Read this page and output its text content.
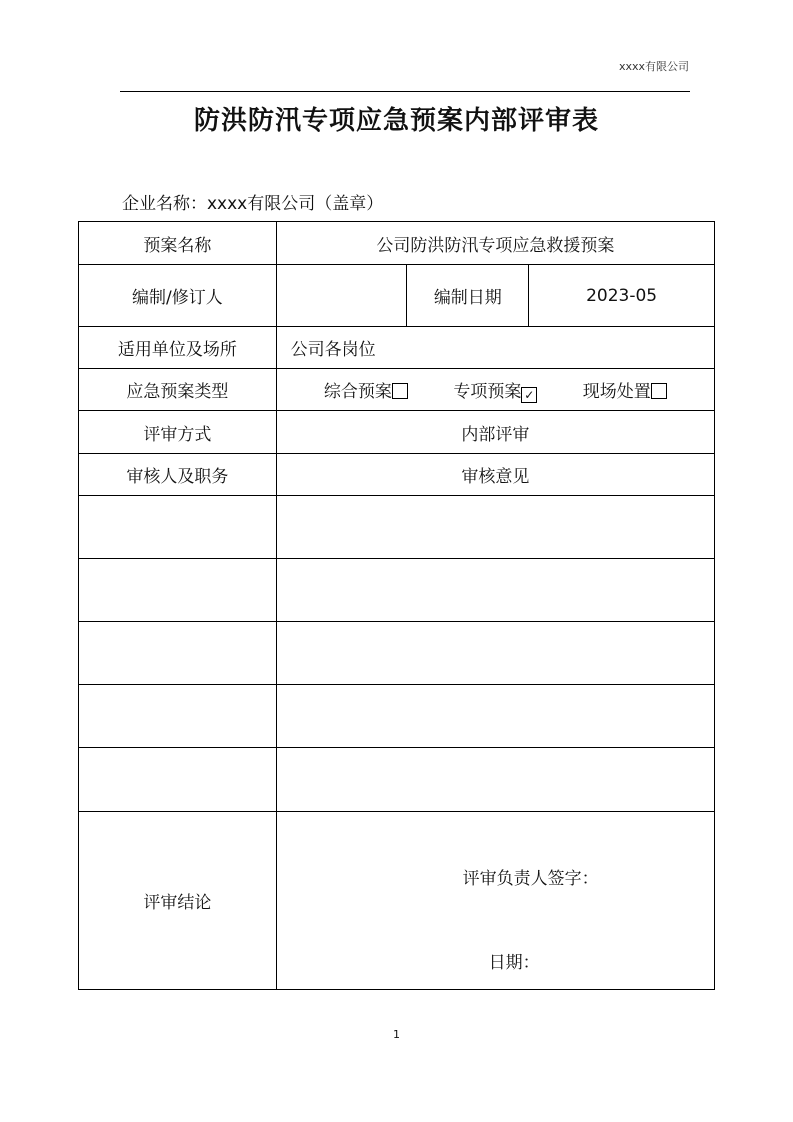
xxxx有限公司
防洪防汛专项应急预案内部评审表
企业名称：xxxx有限公司（盖章）
预案名称	公司防洪防汛专项应急救援预案		
编制/修订人		编制日期	2023-05
适用单位及场所	公司各岗位		
应急预案类型	综合预案 专项预案 ✓ 现场处置		
评审方式	内部评审		
审核人及职务	审核意见		

评审结论	评审负责人签字：
日期：		
1
